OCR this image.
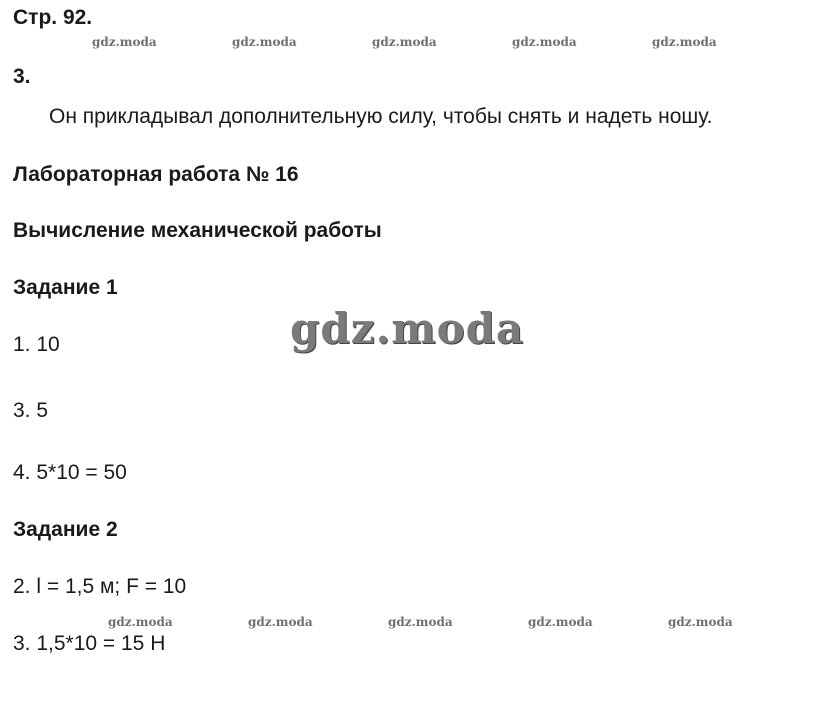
Стр. 92.

3.

Он прикладывал дополнительную силу, чтобы снять и надеть ношу.

Лабораторная работа № 16

Вычисление механической работы

Задание 1

1. 10

3. 5

4. 5*10 = 50

Задание 2

2. l = 1,5 м; F = 10

3. 1,5*10 = 15 Н

gdz.moda	gdz.moda	gdz.moda	gdz.moda	gdz.moda
gdz.moda
gdz.moda	gdz.moda	gdz.moda	gdz.moda	gdz.moda
